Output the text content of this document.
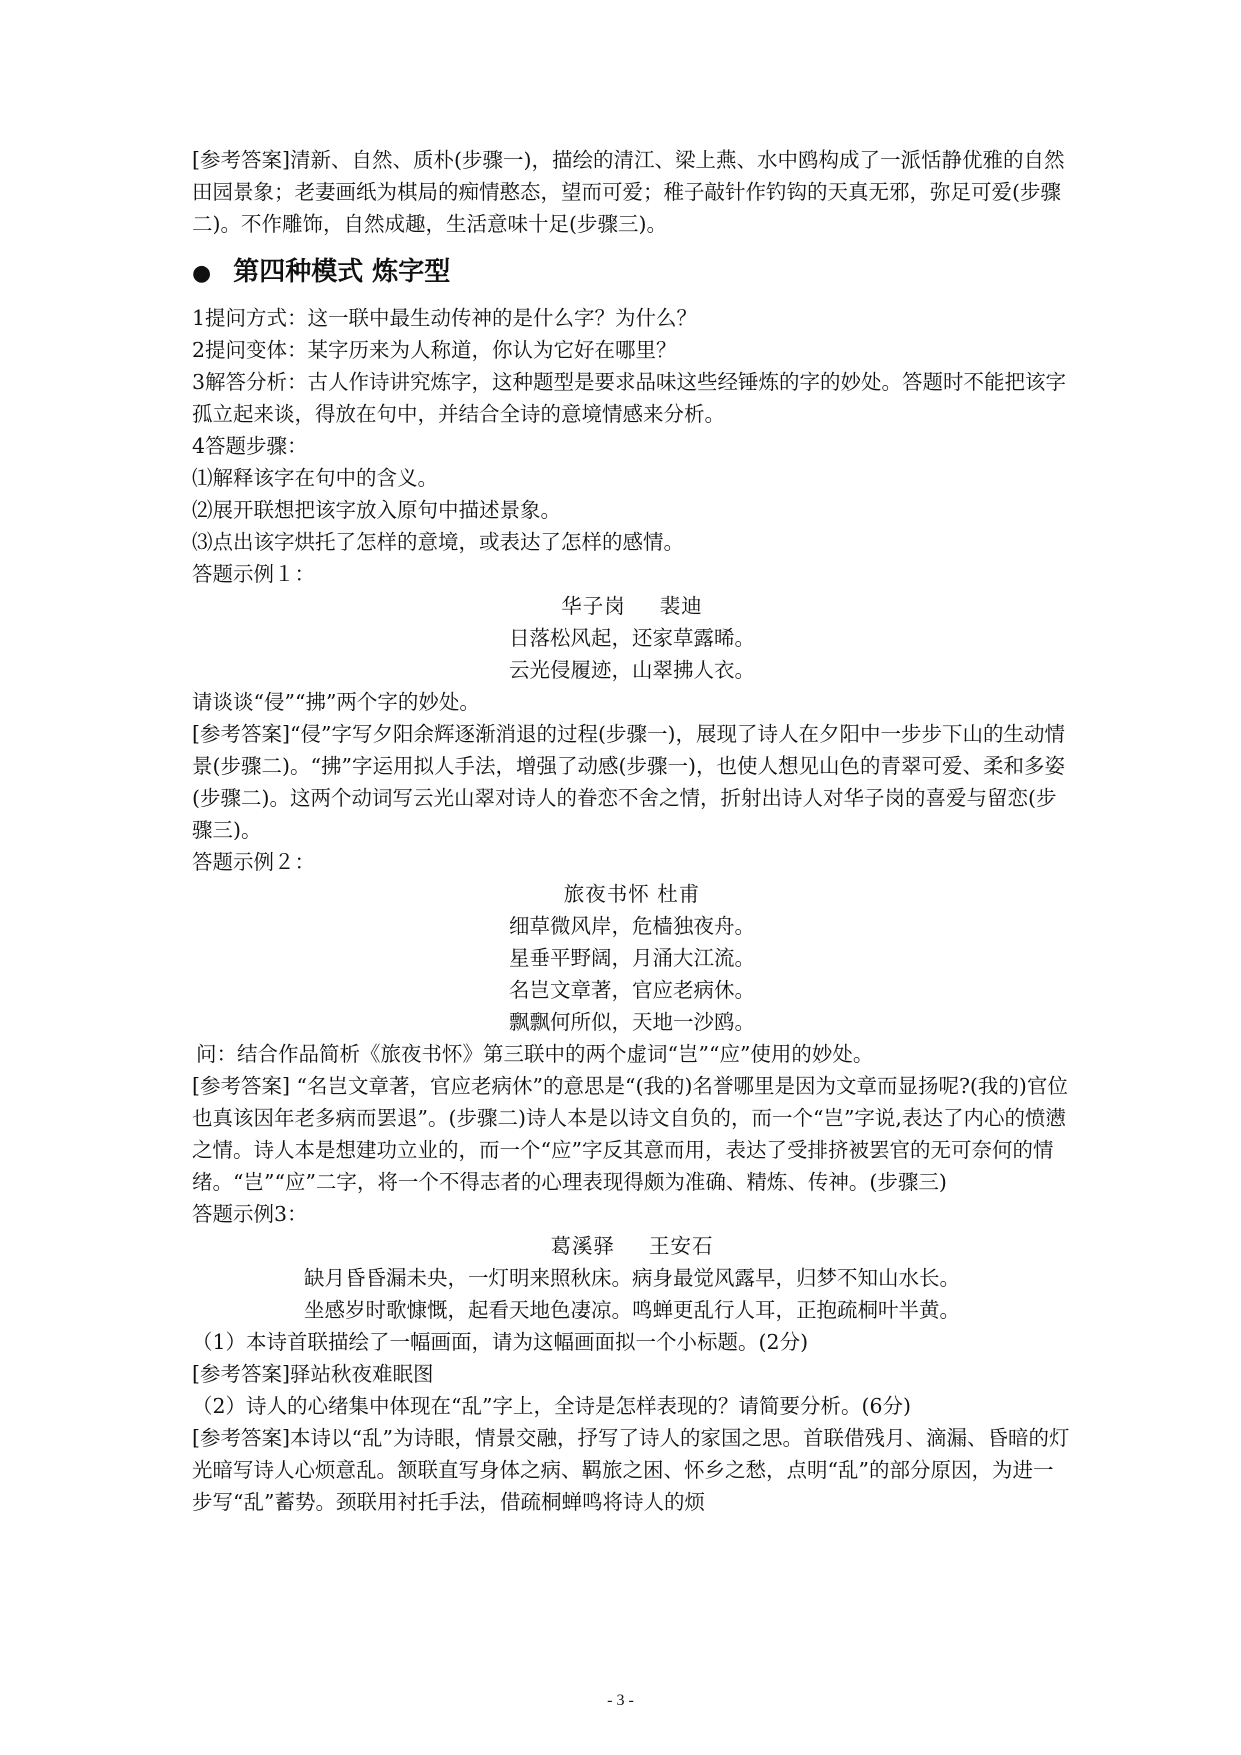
[参考答案]清新、自然、质朴(步骤一)，描绘的清江、梁上燕、水中鸥构成了一派恬静优雅的自然田园景象；老妻画纸为棋局的痴情憨态，望而可爱；稚子敲针作钓钩的天真无邪，弥足可爱(步骤二)。不作雕饰，自然成趣，生活意味十足(步骤三)。

● 第四种模式 炼字型

1提问方式：这一联中最生动传神的是什么字？为什么？

2提问变体：某字历来为人称道，你认为它好在哪里？

3解答分析：古人作诗讲究炼字，这种题型是要求品味这些经锤炼的字的妙处。答题时不能把该字孤立起来谈，得放在句中，并结合全诗的意境情感来分析。

4答题步骤：

⑴解释该字在句中的含义。

⑵展开联想把该字放入原句中描述景象。

⑶点出该字烘托了怎样的意境，或表达了怎样的感情。

答题示例１：

华子岗 裴迪

日落松风起，还家草露晞。

云光侵履迹，山翠拂人衣。

请谈谈“侵”“拂”两个字的妙处。

[参考答案]“侵”字写夕阳余辉逐渐消退的过程(步骤一)，展现了诗人在夕阳中一步步下山的生动情景(步骤二)。“拂”字运用拟人手法，增强了动感(步骤一)，也使人想见山色的青翠可爱、柔和多姿(步骤二)。这两个动词写云光山翠对诗人的眷恋不舍之情，折射出诗人对华子岗的喜爱与留恋(步骤三)。

答题示例２：

旅夜书怀 杜甫

细草微风岸，危樯独夜舟。

星垂平野阔，月涌大江流。

名岂文章著，官应老病休。

飘飘何所似，天地一沙鸥。

问：结合作品简析《旅夜书怀》第三联中的两个虚词“岂”“应”使用的妙处。

[参考答案] “名岂文章著，官应老病休”的意思是“(我的)名誉哪里是因为文章而显扬呢?(我的)官位也真该因年老多病而罢退”。(步骤二)诗人本是以诗文自负的，而一个“岂”字说,表达了内心的愤懑之情。诗人本是想建功立业的，而一个“应”字反其意而用，表达了受排挤被罢官的无可奈何的情绪。“岂”“应”二字，将一个不得志者的心理表现得颇为准确、精炼、传神。(步骤三)

答题示例3：

葛溪驿 王安石

缺月昏昏漏未央，一灯明来照秋床。病身最觉风露早，归梦不知山水长。

坐感岁时歌慷慨，起看天地色凄凉。鸣蝉更乱行人耳，正抱疏桐叶半黄。

（1）本诗首联描绘了一幅画面，请为这幅画面拟一个小标题。(2分)

[参考答案]驿站秋夜难眠图

（2）诗人的心绪集中体现在“乱”字上，全诗是怎样表现的？请简要分析。(6分)

[参考答案]本诗以“乱”为诗眼，情景交融，抒写了诗人的家国之思。首联借残月、滴漏、昏暗的灯光暗写诗人心烦意乱。颔联直写身体之病、羁旅之困、怀乡之愁，点明“乱”的部分原因，为进一步写“乱”蓄势。颈联用衬托手法，借疏桐蝉鸣将诗人的烦

- 3 -
